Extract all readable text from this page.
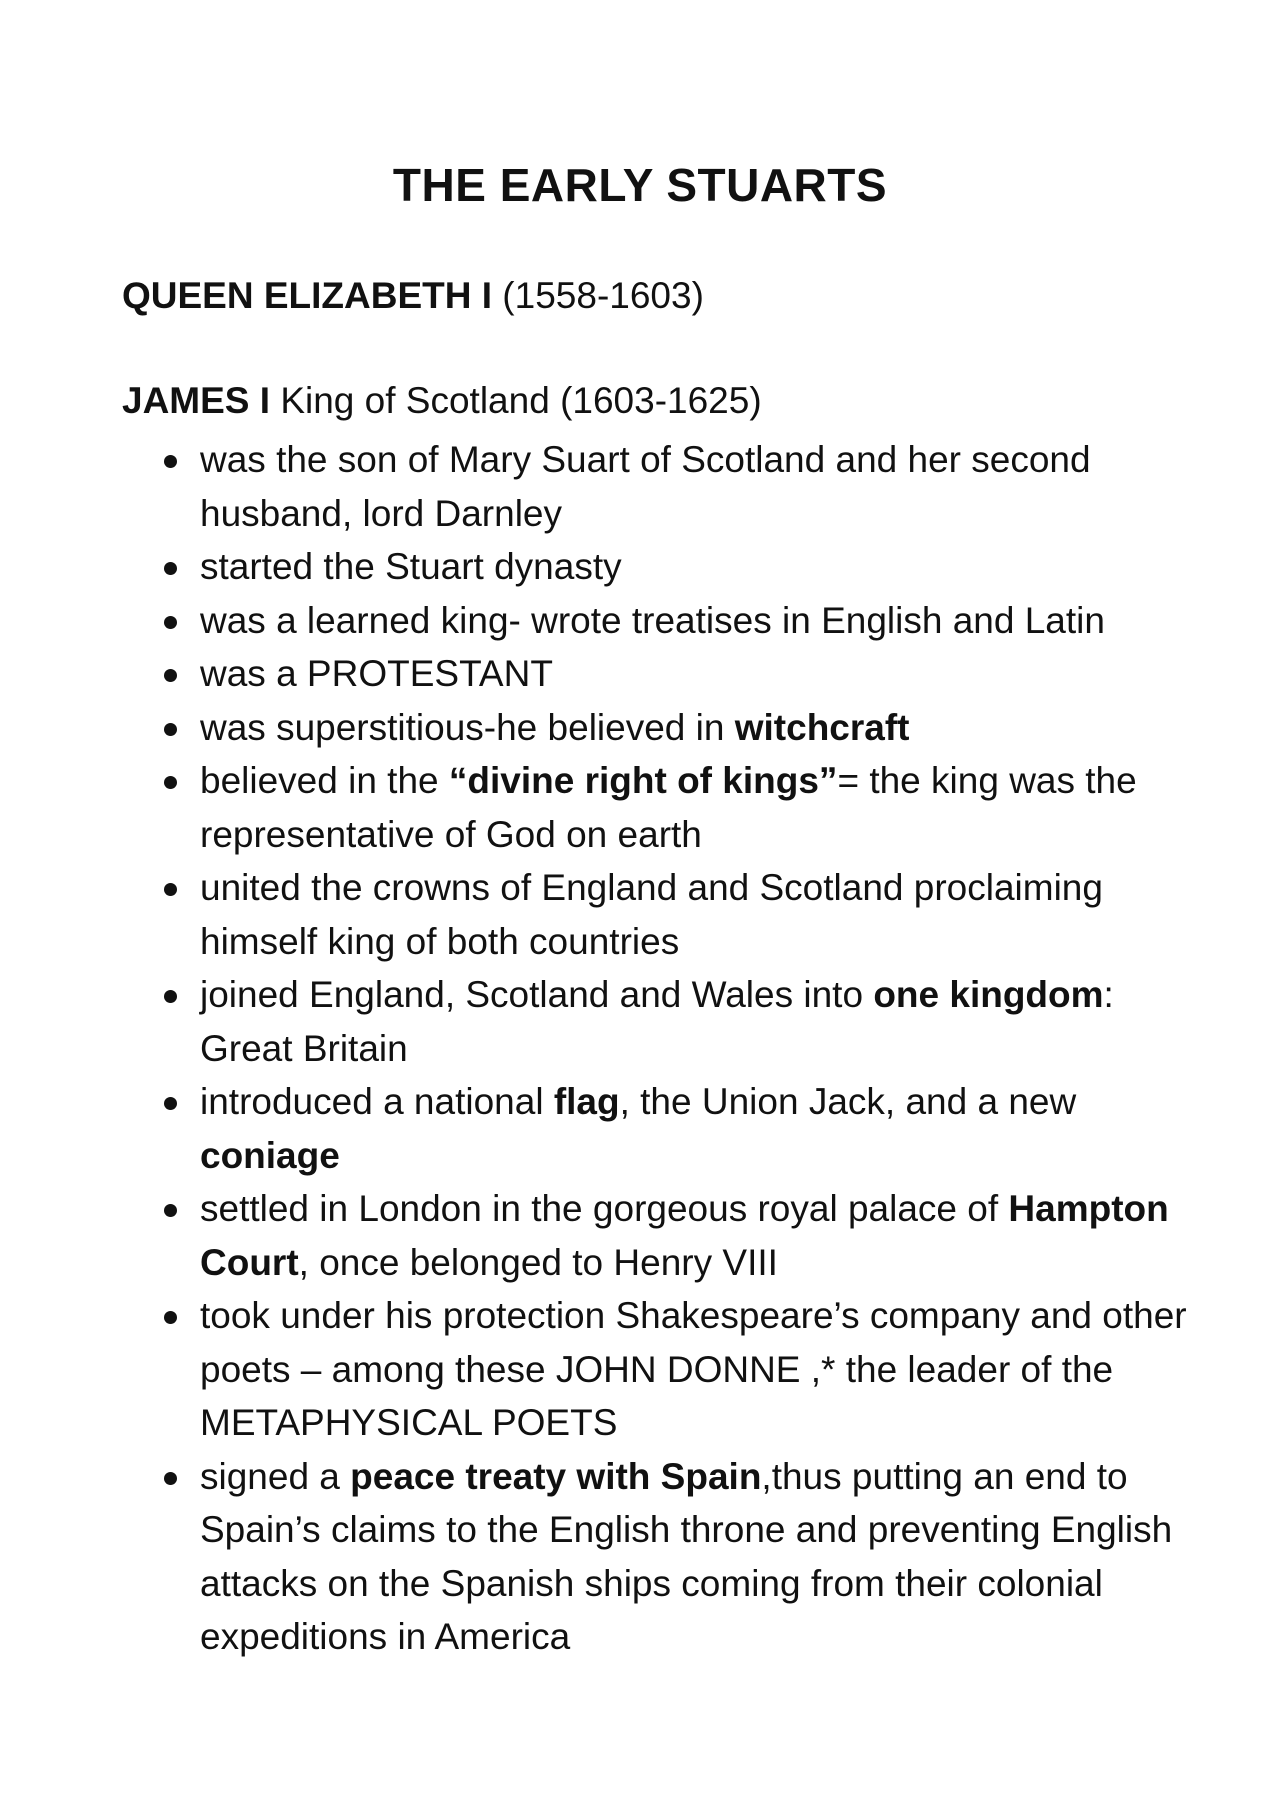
THE EARLY STUARTS

QUEEN ELIZABETH I (1558-1603)

JAMES I King of Scotland (1603-1625)

was the son of Mary Suart of Scotland and her second husband, lord Darnley
started the Stuart dynasty
was a learned king- wrote treatises in English and Latin
was a PROTESTANT
was superstitious-he believed in witchcraft
believed in the “divine right of kings”= the king was the representative of God on earth
united the crowns of England and Scotland proclaiming himself king of both countries
joined England, Scotland and Wales into one kingdom: Great Britain
introduced a national flag, the Union Jack, and a new coniage
settled in London in the gorgeous royal palace of Hampton Court, once belonged to Henry VIII
took under his protection Shakespeare’s company and other poets – among these JOHN DONNE ,* the leader of the METAPHYSICAL POETS
signed a peace treaty with Spain,thus putting an end to Spain’s claims to the English throne and preventing English attacks on the Spanish ships coming from their colonial expeditions in America
